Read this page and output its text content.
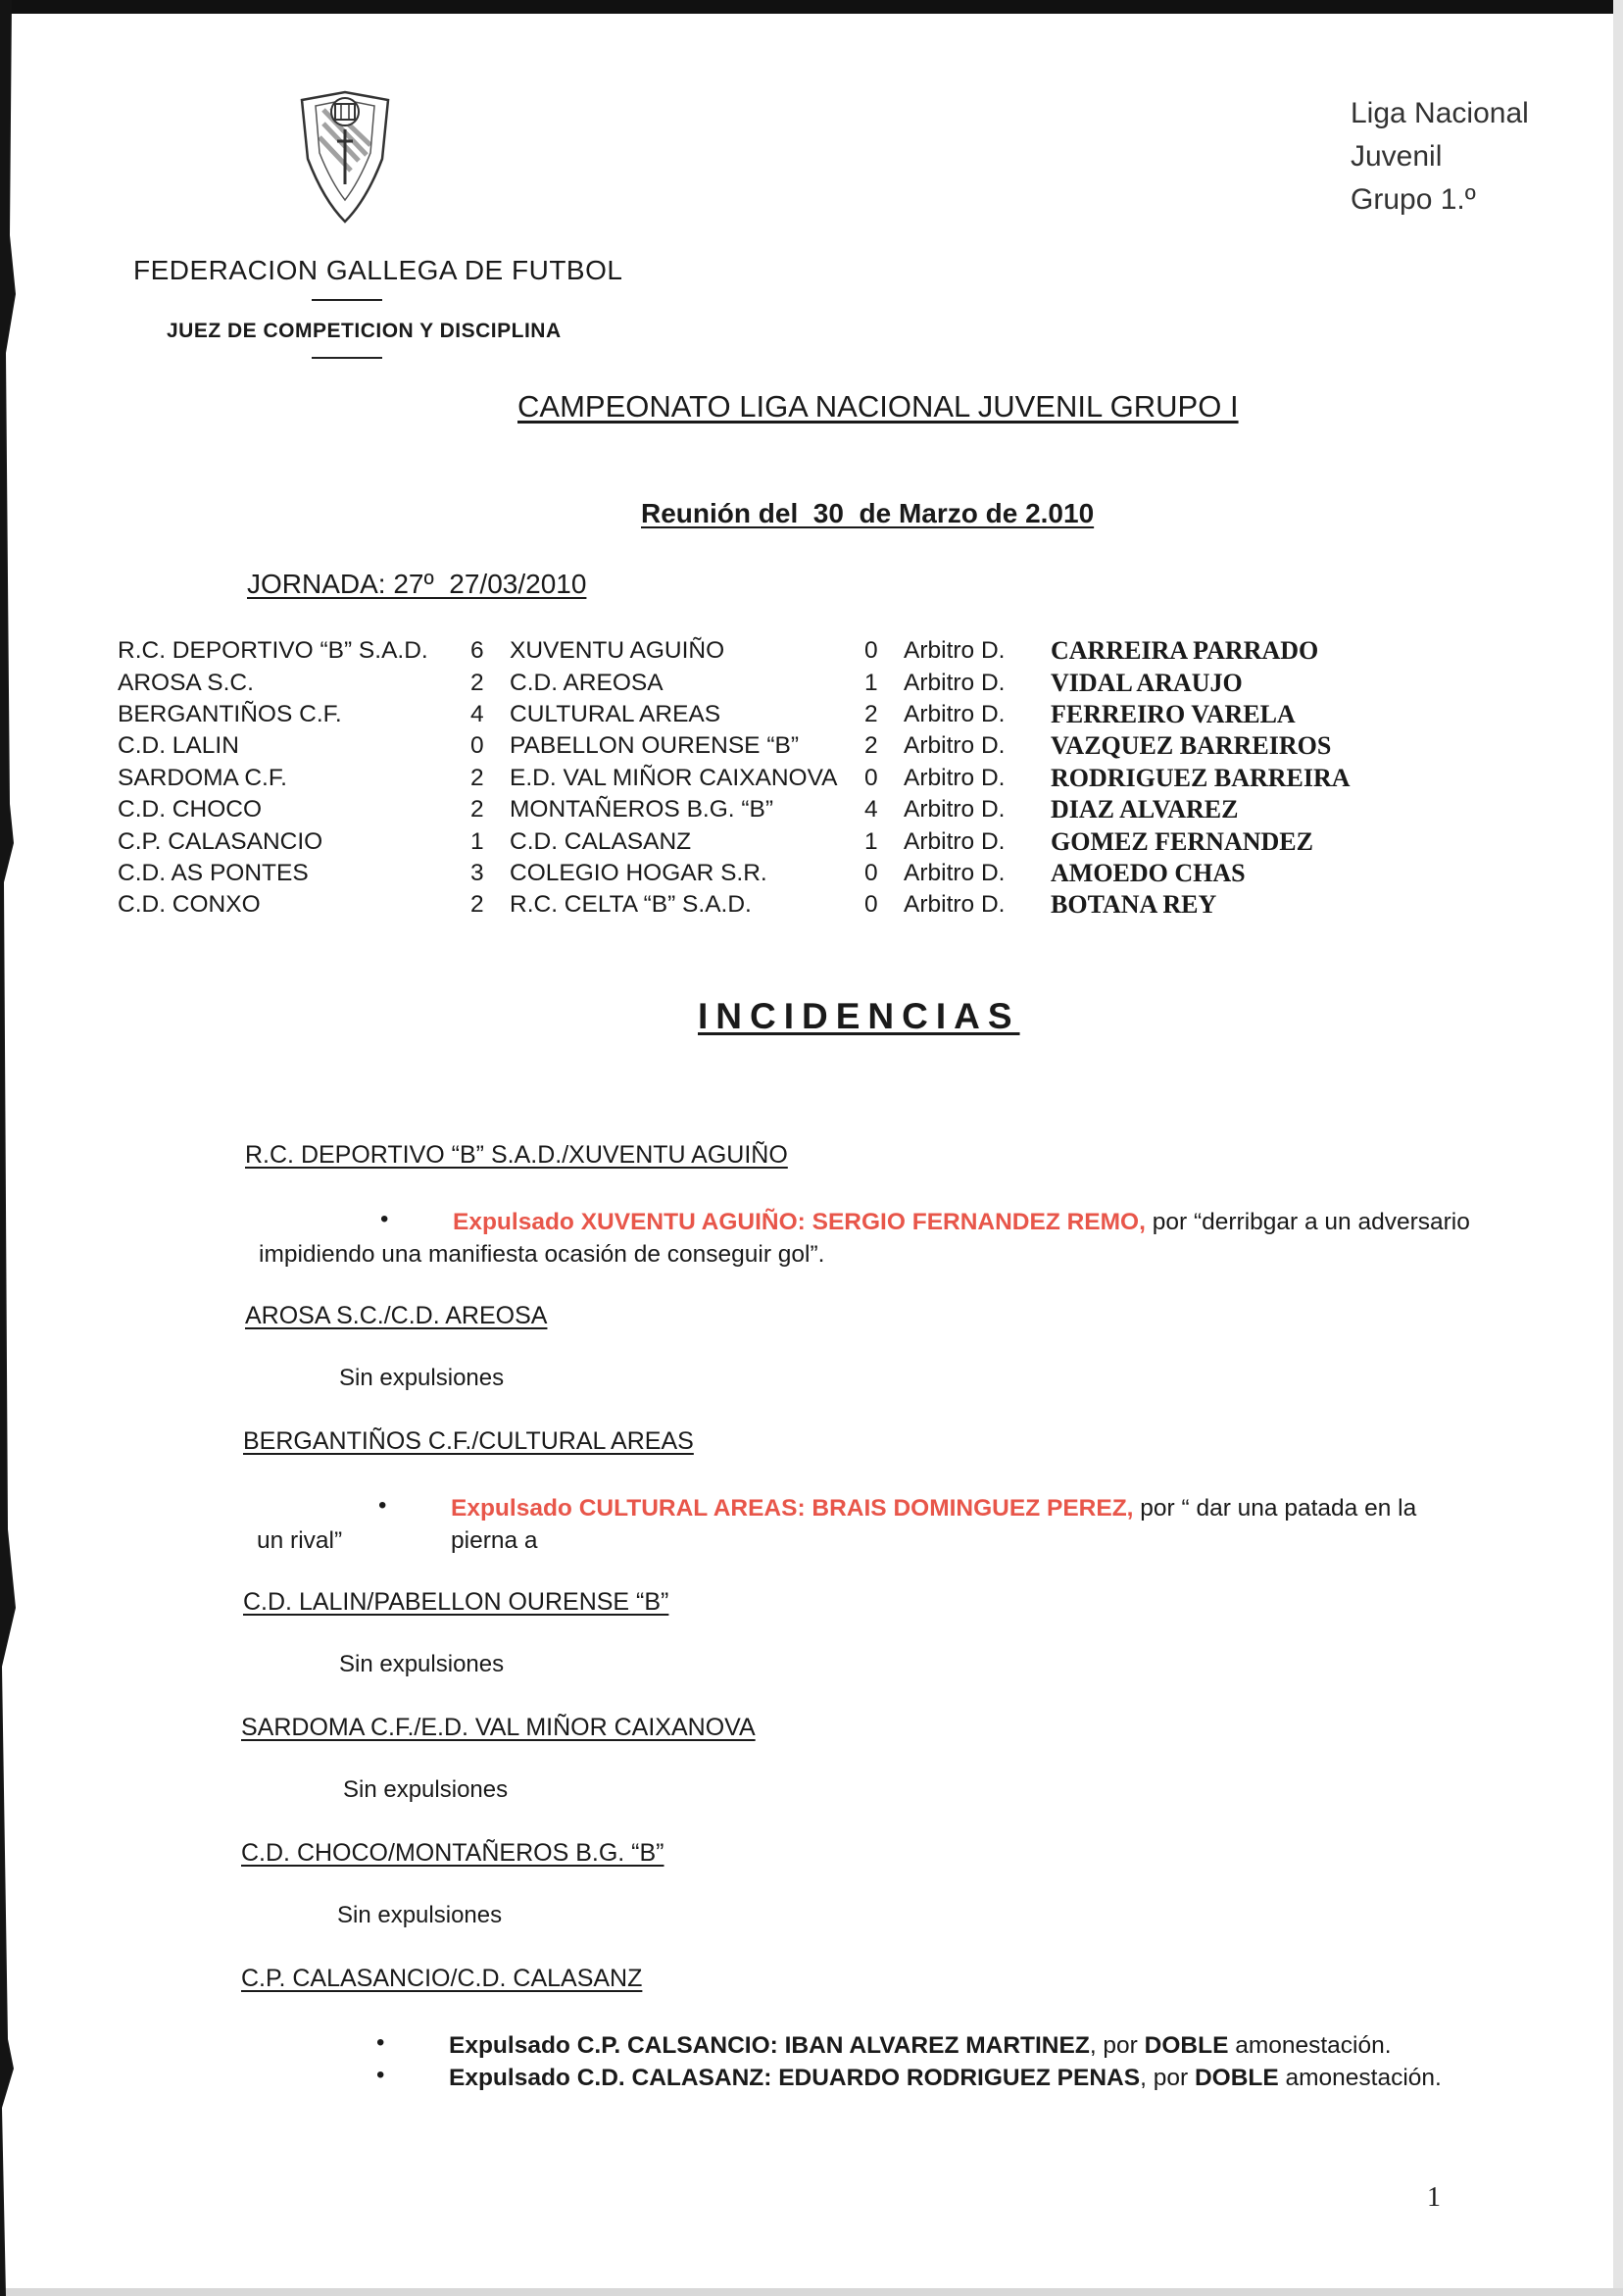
FEDERACION GALLEGA DE FUTBOL
JUEZ DE COMPETICION Y DISCIPLINA
Liga Nacional
Juvenil
Grupo 1.º
CAMPEONATO LIGA NACIONAL JUVENIL GRUPO I
Reunión del  30  de Marzo de 2.010
JORNADA: 27º  27/03/2010
R.C. DEPORTIVO “B” S.A.D.	6	XUVENTU AGUIÑO	0	Arbitro D.	CARREIRA PARRADO
AROSA S.C.	2	C.D. AREOSA	1	Arbitro D.	VIDAL ARAUJO
BERGANTIÑOS C.F.	4	CULTURAL AREAS	2	Arbitro D.	FERREIRO VARELA
C.D. LALIN	0	PABELLON OURENSE “B”	2	Arbitro D.	VAZQUEZ BARREIROS
SARDOMA C.F.	2	E.D. VAL MIÑOR CAIXANOVA	0	Arbitro D.	RODRIGUEZ BARREIRA
C.D. CHOCO	2	MONTAÑEROS B.G. “B”	4	Arbitro D.	DIAZ ALVAREZ
C.P. CALASANCIO	1	C.D. CALASANZ	1	Arbitro D.	GOMEZ FERNANDEZ
C.D. AS PONTES	3	COLEGIO HOGAR S.R.	0	Arbitro D.	AMOEDO CHAS
C.D. CONXO	2	R.C. CELTA “B” S.A.D.	0	Arbitro D.	BOTANA REY
INCIDENCIAS
R.C. DEPORTIVO “B” S.A.D./XUVENTU AGUIÑO
•	Expulsado XUVENTU AGUIÑO: SERGIO FERNANDEZ REMO, por “derribgar a un adversario
impidiendo una manifiesta ocasión de conseguir gol”.
AROSA S.C./C.D. AREOSA
Sin expulsiones
BERGANTIÑOS C.F./CULTURAL AREAS
•	Expulsado CULTURAL AREAS: BRAIS DOMINGUEZ PEREZ, por “ dar una patada en la pierna a
un rival”
C.D. LALIN/PABELLON OURENSE “B”
Sin expulsiones
SARDOMA C.F./E.D. VAL MIÑOR CAIXANOVA
Sin expulsiones
C.D. CHOCO/MONTAÑEROS B.G. “B”
Sin expulsiones
C.P. CALASANCIO/C.D. CALASANZ
•	Expulsado C.P. CALSANCIO: IBAN ALVAREZ MARTINEZ, por DOBLE amonestación.
•	Expulsado C.D. CALASANZ: EDUARDO RODRIGUEZ PENAS, por DOBLE amonestación.
1
